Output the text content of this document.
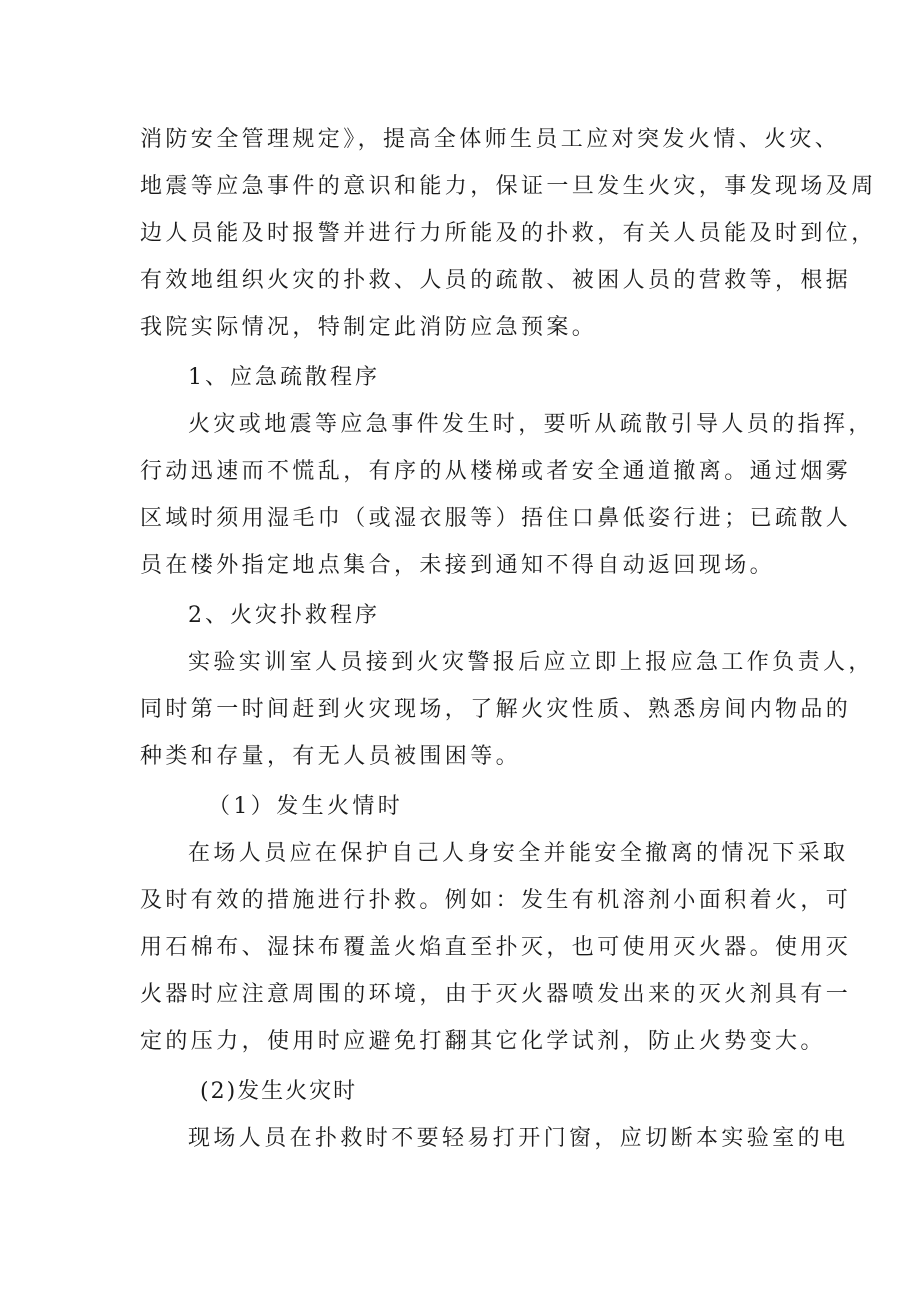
消防安全管理规定》，提高全体师生员工应对突发火情、火灾、
地震等应急事件的意识和能力，保证一旦发生火灾，事发现场及周
边人员能及时报警并进行力所能及的扑救，有关人员能及时到位，
有效地组织火灾的扑救、人员的疏散、被困人员的营救等，根据
我院实际情况，特制定此消防应急预案。
1、应急疏散程序
火灾或地震等应急事件发生时，要听从疏散引导人员的指挥，
行动迅速而不慌乱，有序的从楼梯或者安全通道撤离。通过烟雾
区域时须用湿毛巾（或湿衣服等）捂住口鼻低姿行进；已疏散人
员在楼外指定地点集合，未接到通知不得自动返回现场。
2、火灾扑救程序
实验实训室人员接到火灾警报后应立即上报应急工作负责人，
同时第一时间赶到火灾现场，了解火灾性质、熟悉房间内物品的
种类和存量，有无人员被围困等。
（1）发生火情时
在场人员应在保护自己人身安全并能安全撤离的情况下采取
及时有效的措施进行扑救。例如：发生有机溶剂小面积着火，可
用石棉布、湿抹布覆盖火焰直至扑灭，也可使用灭火器。使用灭
火器时应注意周围的环境，由于灭火器喷发出来的灭火剂具有一
定的压力，使用时应避免打翻其它化学试剂，防止火势变大。
(2)发生火灾时
现场人员在扑救时不要轻易打开门窗，应切断本实验室的电
